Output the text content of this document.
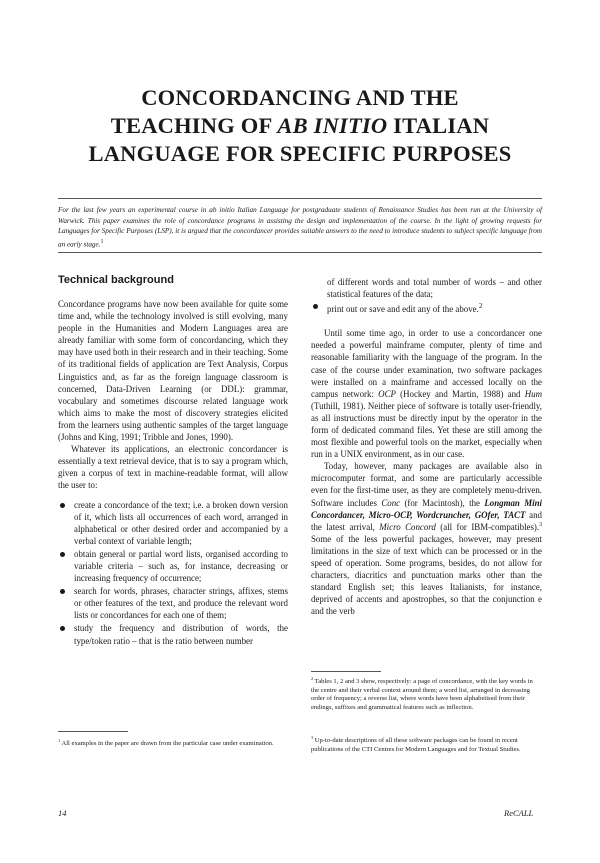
CONCORDANCING AND THE
TEACHING OF AB INITIO ITALIAN
LANGUAGE FOR SPECIFIC PURPOSES

For the last few years an experimental course in ab initio Italian Language for postgraduate students of Renaissance Studies has been run at the University of Warwick. This paper examines the role of concordance programs in assisting the design and implementation of the course. In the light of growing requests for Languages for Specific Purposes (LSP), it is argued that the concordancer provides suitable answers to the need to introduce students to subject specific language from an early stage.$^1$

Technical background

Concordance programs have now been available for quite some time and, while the technology involved is still evolving, many people in the Humanities and Modern Languages area are already familiar with some form of concordancing, which they may have used both in their research and in their teaching. Some of its traditional fields of application are Text Analysis, Corpus Linguistics and, as far as the foreign language classroom is concerned, Data-Driven Learning (or DDL): grammar, vocabulary and sometimes discourse related language work which aims to make the most of discovery strategies elicited from the learners using authentic samples of the target language (Johns and King, 1991; Tribble and Jones, 1990).

Whatever its applications, an electronic concordancer is essentially a text retrieval device, that is to say a program which, given a corpus of text in machine-readable format, will allow the user to:

create a concordance of the text; i.e. a broken down version of it, which lists all occurrences of each word, arranged in alphabetical or other desired order and accompanied by a verbal context of variable length;
obtain general or partial word lists, organised according to variable criteria – such as, for instance, decreasing or increasing frequency of occurrence;
search for words, phrases, character strings, affixes, stems or other features of the text, and produce the relevant word lists or concordances for each one of them;
study the frequency and distribution of words, the type/token ratio – that is the ratio between number

$^1$ All examples in the paper are drawn from the particular case under examination.

of different words and total number of words – and other statistical features of the data;

print out or save and edit any of the above.$^2$

Until some time ago, in order to use a concordancer one needed a powerful mainframe computer, plenty of time and reasonable familiarity with the language of the program. In the case of the course under examination, two software packages were installed on a mainframe and accessed locally on the campus network: OCP (Hockey and Martin, 1988) and Hum (Tuthill, 1981). Neither piece of software is totally user-friendly, as all instructions must be directly input by the operator in the form of dedicated command files. Yet these are still among the most flexible and powerful tools on the market, especially when run in a UNIX environment, as in our case.

Today, however, many packages are available also in microcomputer format, and some are particularly accessible even for the first-time user, as they are completely menu-driven. Software includes Conc (for Macintosh), the Longman Mini Concordancer, Micro-OCP, Wordcruncher, GOfer, TACT and the latest arrival, Micro Concord (all for IBM-compatibles).$^3$ Some of the less powerful packages, however, may present limitations in the size of text which can be processed or in the speed of operation. Some programs, besides, do not allow for characters, diacritics and punctuation marks other than the standard English set; this leaves Italianists, for instance, deprived of accents and apostrophes, so that the conjunction e and the verb

$^2$ Tables 1, 2 and 3 show, respectively: a page of concordance, with the key words in the centre and their verbal context around them; a word list, arranged in decreasing order of frequency; a reverse list, where words have been alphabetised from their endings, suffixes and grammatical features such as inflection.

$^3$ Up-to-date descriptions of all these software packages can be found in recent publications of the CTI Centres for Modern Languages and for Textual Studies.

14	ReCALL
